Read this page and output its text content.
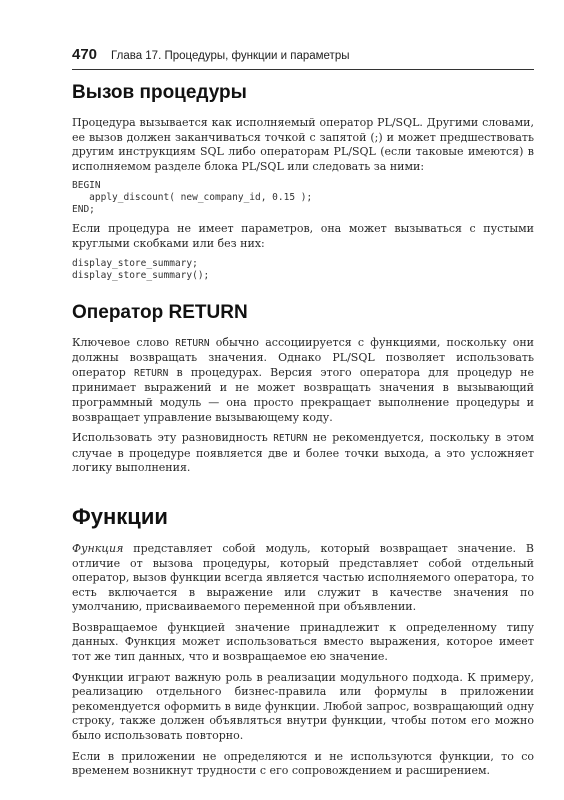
470 Глава 17. Процедуры, функции и параметры
Вызов процедуры

Процедура вызывается как исполняемый оператор PL/SQL. Другими словами, ее вызов должен заканчиваться точкой с запятой (;) и может предшествовать другим инструкциям SQL либо операторам PL/SQL (если таковые имеются) в исполняемом разделе блока PL/SQL или следовать за ними:

BEGIN
apply_discount( new_company_id, 0.15 );
END;

Если процедура не имеет параметров, она может вызываться с пустыми круглыми скобками или без них:

display_store_summary;
display_store_summary();
Оператор RETURN

Ключевое слово RETURN обычно ассоциируется с функциями, поскольку они должны возвращать значения. Однако PL/SQL позволяет использовать оператор RETURN в процедурах. Версия этого оператора для процедур не принимает выражений и не может возвращать значения в вызывающий программный модуль — она просто прекращает выполнение процедуры и возвращает управление вызывающему коду.

Использовать эту разновидность RETURN не рекомендуется, поскольку в этом случае в процедуре появляется две и более точки выхода, а это усложняет логику выполнения.

Функции

Функция представляет собой модуль, который возвращает значение. В отличие от вызова процедуры, который представляет собой отдельный оператор, вызов функции всегда является частью исполняемого оператора, то есть включается в выражение или служит в качестве значения по умолчанию, присваиваемого переменной при объявлении.

Возвращаемое функцией значение принадлежит к определенному типу данных. Функция может использоваться вместо выражения, которое имеет тот же тип данных, что и возвращаемое ею значение.

Функции играют важную роль в реализации модульного подхода. К примеру, реализацию отдельного бизнес-правила или формулы в приложении рекомендуется оформить в виде функции. Любой запрос, возвращающий одну строку, также должен объявляться внутри функции, чтобы потом его можно было использовать повторно.

Если в приложении не определяются и не используются функции, то со временем возникнут трудности с его сопровождением и расширением.
